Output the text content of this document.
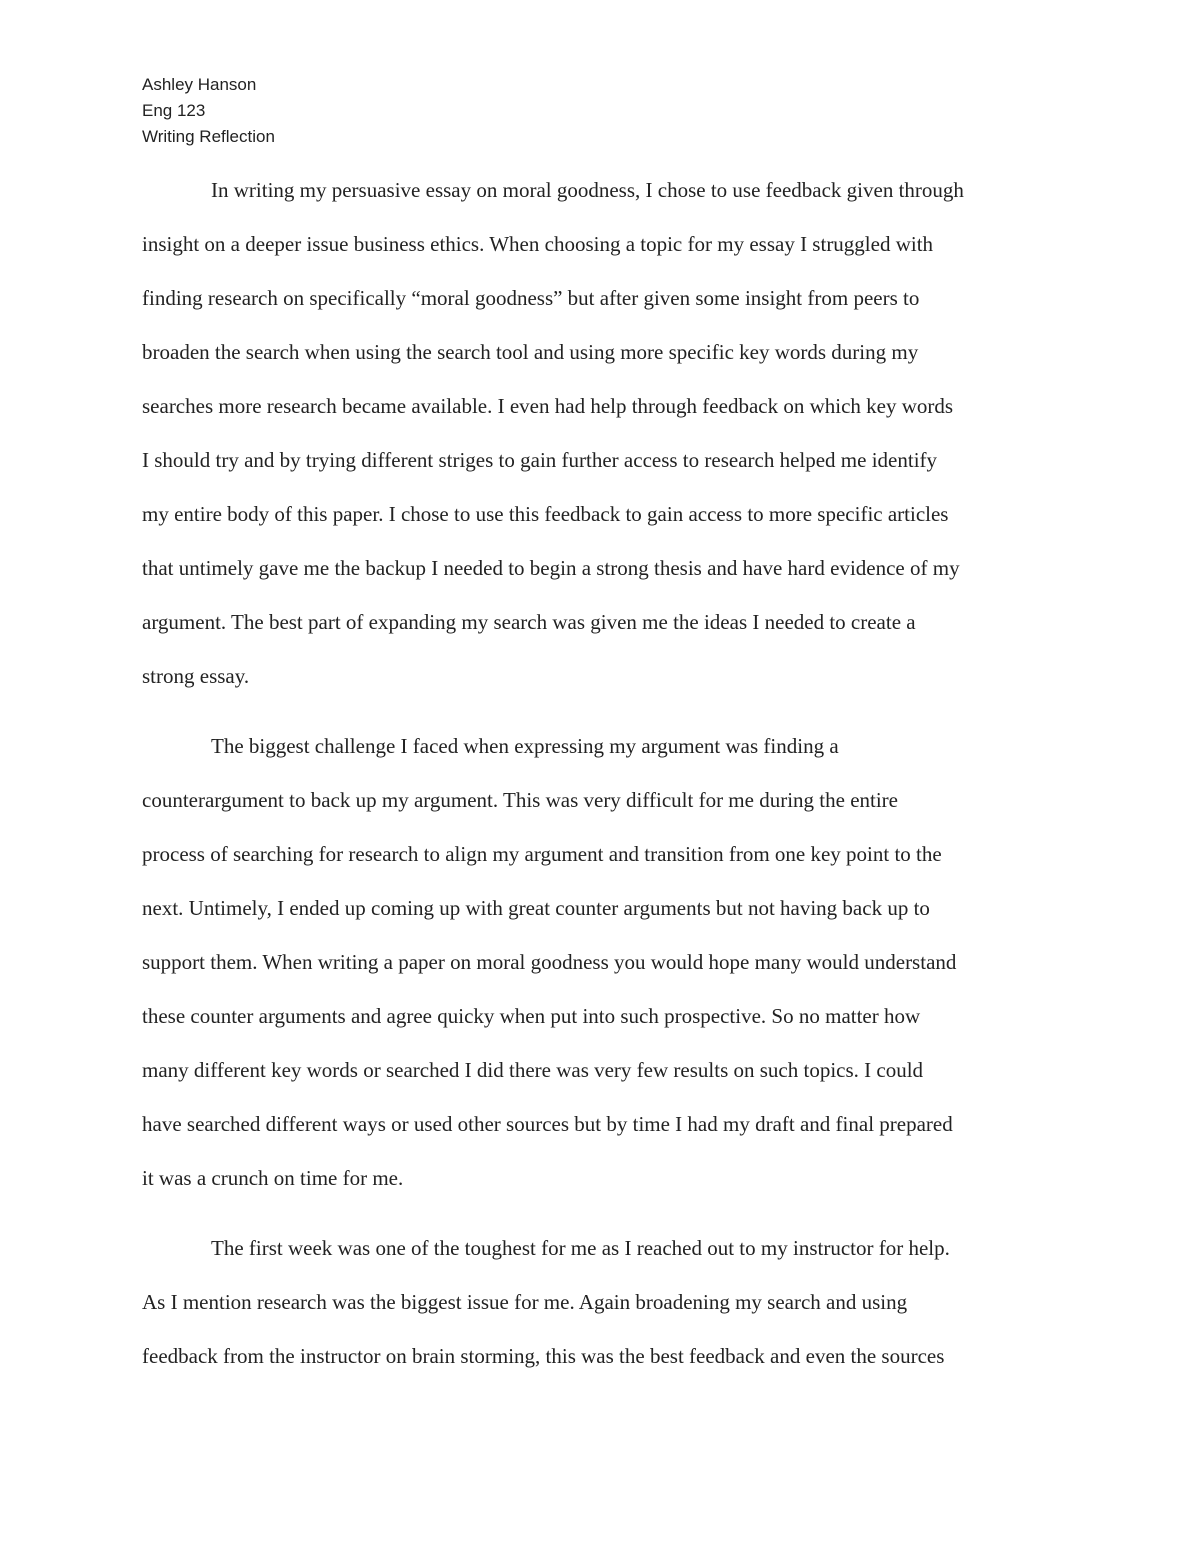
Ashley Hanson
Eng 123
Writing Reflection
In writing my persuasive essay on moral goodness, I chose to use feedback given through
insight on a deeper issue business ethics. When choosing a topic for my essay I struggled with
finding research on specifically “moral goodness” but after given some insight from peers to
broaden the search when using the search tool and using more specific key words during my
searches more research became available. I even had help through feedback on which key words
I should try and by trying different striges to gain further access to research helped me identify
my entire body of this paper. I chose to use this feedback to gain access to more specific articles
that untimely gave me the backup I needed to begin a strong thesis and have hard evidence of my
argument. The best part of expanding my search was given me the ideas I needed to create a
strong essay.
The biggest challenge I faced when expressing my argument was finding a
counterargument to back up my argument. This was very difficult for me during the entire
process of searching for research to align my argument and transition from one key point to the
next. Untimely, I ended up coming up with great counter arguments but not having back up to
support them. When writing a paper on moral goodness you would hope many would understand
these counter arguments and agree quicky when put into such prospective. So no matter how
many different key words or searched I did there was very few results on such topics. I could
have searched different ways or used other sources but by time I had my draft and final prepared
it was a crunch on time for me.
The first week was one of the toughest for me as I reached out to my instructor for help.
As I mention research was the biggest issue for me. Again broadening my search and using
feedback from the instructor on brain storming, this was the best feedback and even the sources
